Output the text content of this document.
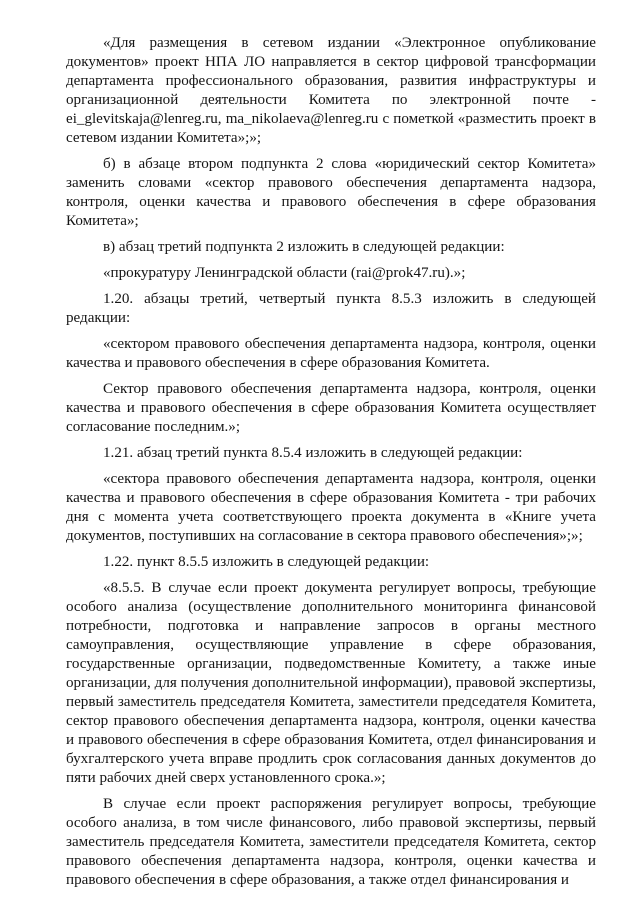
«Для размещения в сетевом издании «Электронное опубликование документов» проект НПА ЛО направляется в сектор цифровой трансформации департамента профессионального образования, развития инфраструктуры и организационной деятельности Комитета по электронной почте - ei_glevitskaja@lenreg.ru, ma_nikolaeva@lenreg.ru с пометкой «разместить проект в сетевом издании Комитета»;»;

б) в абзаце втором подпункта 2 слова «юридический сектор Комитета» заменить словами «сектор правового обеспечения департамента надзора, контроля, оценки качества и правового обеспечения в сфере образования Комитета»;

в) абзац третий подпункта 2 изложить в следующей редакции:

«прокуратуру Ленинградской области (rai@prok47.ru).»;

1.20. абзацы третий, четвертый пункта 8.5.3 изложить в следующей редакции:

«сектором правового обеспечения департамента надзора, контроля, оценки качества и правового обеспечения в сфере образования Комитета.

Сектор правового обеспечения департамента надзора, контроля, оценки качества и правового обеспечения в сфере образования Комитета осуществляет согласование последним.»;

1.21. абзац третий пункта 8.5.4 изложить в следующей редакции:

«сектора правового обеспечения департамента надзора, контроля, оценки качества и правового обеспечения в сфере образования Комитета - три рабочих дня с момента учета соответствующего проекта документа в «Книге учета документов, поступивших на согласование в сектора правового обеспечения»;»;

1.22. пункт 8.5.5 изложить в следующей редакции:

«8.5.5. В случае если проект документа регулирует вопросы, требующие особого анализа (осуществление дополнительного мониторинга финансовой потребности, подготовка и направление запросов в органы местного самоуправления, осуществляющие управление в сфере образования, государственные организации, подведомственные Комитету, а также иные организации, для получения дополнительной информации), правовой экспертизы, первый заместитель председателя Комитета, заместители председателя Комитета, сектор правового обеспечения департамента надзора, контроля, оценки качества и правового обеспечения в сфере образования Комитета, отдел финансирования и бухгалтерского учета вправе продлить срок согласования данных документов до пяти рабочих дней сверх установленного срока.»;

В случае если проект распоряжения регулирует вопросы, требующие особого анализа, в том числе финансового, либо правовой экспертизы, первый заместитель председателя Комитета, заместители председателя Комитета, сектор правового обеспечения департамента надзора, контроля, оценки качества и правового обеспечения в сфере образования, а также отдел финансирования и
